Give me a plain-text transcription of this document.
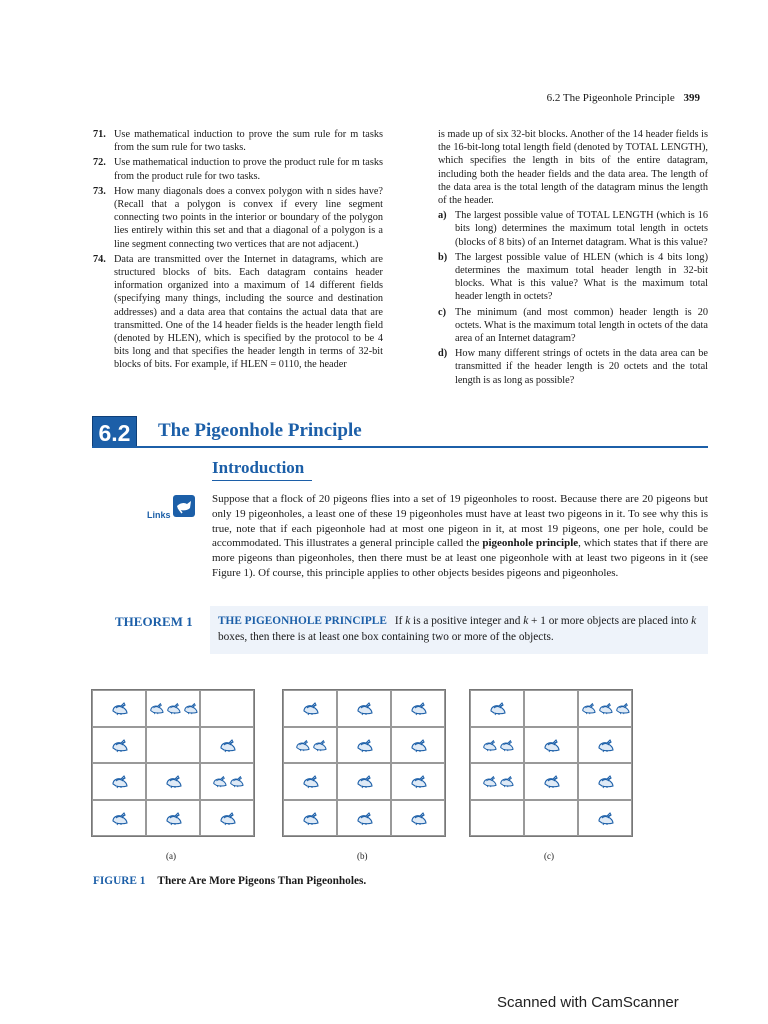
6.2 The Pigeonhole Principle 399
71. Use mathematical induction to prove the sum rule for m tasks from the sum rule for two tasks.
72. Use mathematical induction to prove the product rule for m tasks from the product rule for two tasks.
73. How many diagonals does a convex polygon with n sides have? (Recall that a polygon is convex if every line segment connecting two points in the interior or boundary of the polygon lies entirely within this set and that a diagonal of a polygon is a line segment connecting two vertices that are not adjacent.)
74. Data are transmitted over the Internet in datagrams, which are structured blocks of bits. Each datagram contains header information organized into a maximum of 14 different fields (specifying many things, including the source and destination addresses) and a data area that contains the actual data that are transmitted. One of the 14 header fields is the header length field (denoted by HLEN), which is specified by the protocol to be 4 bits long and that specifies the header length in terms of 32-bit blocks of bits. For example, if HLEN = 0110, the header
is made up of six 32-bit blocks. Another of the 14 header fields is the 16-bit-long total length field (denoted by TOTAL LENGTH), which specifies the length in bits of the entire datagram, including both the header fields and the data area. The length of the data area is the total length of the datagram minus the length of the header.
a) The largest possible value of TOTAL LENGTH (which is 16 bits long) determines the maximum total length in octets (blocks of 8 bits) of an Internet datagram. What is this value?
b) The largest possible value of HLEN (which is 4 bits long) determines the maximum total header length in 32-bit blocks. What is this value? What is the maximum total header length in octets?
c) The minimum (and most common) header length is 20 octets. What is the maximum total length in octets of the data area of an Internet datagram?
d) How many different strings of octets in the data area can be transmitted if the header length is 20 octets and the total length is as long as possible?
6.2	The Pigeonhole Principle
Introduction
Links
Suppose that a flock of 20 pigeons flies into a set of 19 pigeonholes to roost. Because there are 20 pigeons but only 19 pigeonholes, a least one of these 19 pigeonholes must have at least two pigeons in it. To see why this is true, note that if each pigeonhole had at most one pigeon in it, at most 19 pigeons, one per hole, could be accommodated. This illustrates a general principle called the pigeonhole principle, which states that if there are more pigeons than pigeonholes, then there must be at least one pigeonhole with at least two pigeons in it (see Figure 1). Of course, this principle applies to other objects besides pigeons and pigeonholes.
THEOREM 1 THE PIGEONHOLE PRINCIPLE If k is a positive integer and k + 1 or more objects are placed into k boxes, then there is at least one box containing two or more of the objects.
(a)	(b)	(c)
FIGURE 1 There Are More Pigeons Than Pigeonholes.
Scanned with CamScanner
